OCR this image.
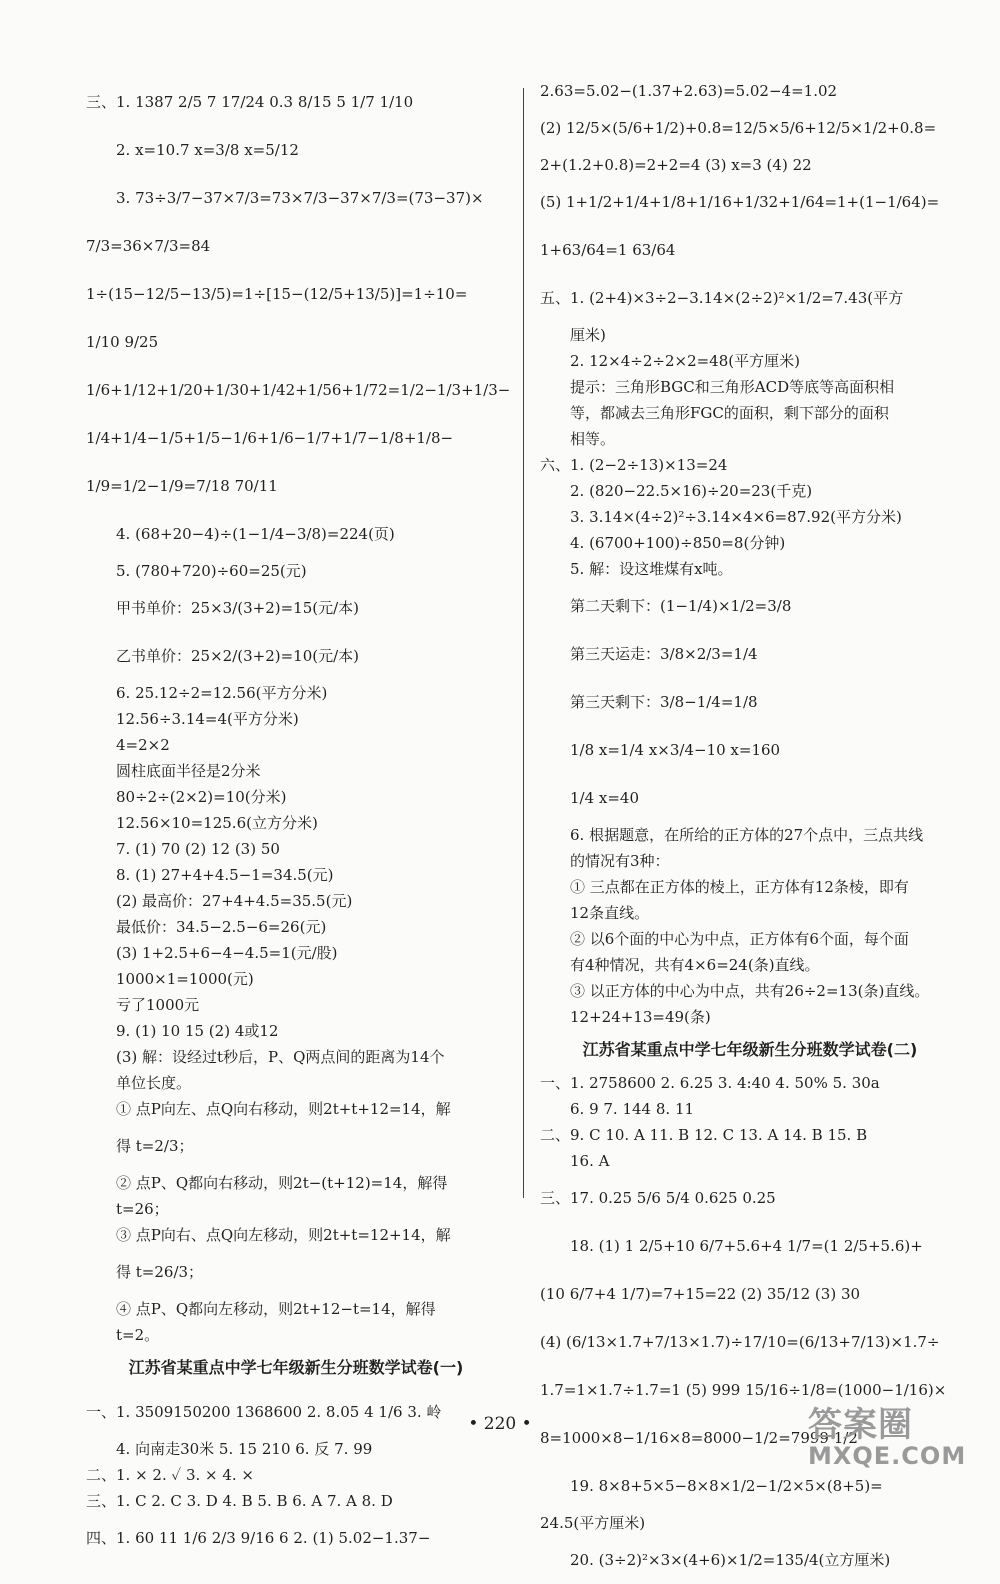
三、1. 1387 2/5 7 17/24 0.3 8/15 5 1/7 1/10
2. x=10.7 x=3/8 x=5/12
3. 73÷3/7−37×7/3=73×7/3−37×7/3=(73−37)×
7/3=36×7/3=84
1÷(15−12/5−13/5)=1÷[15−(12/5+13/5)]=1÷10=
1/10 9/25
1/6+1/12+1/20+1/30+1/42+1/56+1/72=1/2−1/3+1/3−
1/4+1/4−1/5+1/5−1/6+1/6−1/7+1/7−1/8+1/8−
1/9=1/2−1/9=7/18 70/11
4. (68+20−4)÷(1−1/4−3/8)=224(页)
5. (780+720)÷60=25(元)
甲书单价：25×3/(3+2)=15(元/本)
乙书单价：25×2/(3+2)=10(元/本)
6. 25.12÷2=12.56(平方分米)
12.56÷3.14=4(平方分米)
4=2×2
圆柱底面半径是2分米
80÷2÷(2×2)=10(分米)
12.56×10=125.6(立方分米)
7. (1) 70 (2) 12 (3) 50
8. (1) 27+4+4.5−1=34.5(元)
(2) 最高价：27+4+4.5=35.5(元)
最低价：34.5−2.5−6=26(元)
(3) 1+2.5+6−4−4.5=1(元/股)
1000×1=1000(元)
亏了1000元
9. (1) 10 15 (2) 4或12
(3) 解：设经过t秒后，P、Q两点间的距离为14个
单位长度。
① 点P向左、点Q向右移动，则2t+t+12=14，解
得 t=2/3；
② 点P、Q都向右移动，则2t−(t+12)=14，解得
t=26；
③ 点P向右、点Q向左移动，则2t+t=12+14，解
得 t=26/3；
④ 点P、Q都向左移动，则2t+12−t=14，解得
t=2。
江苏省某重点中学七年级新生分班数学试卷(一)
一、1. 3509150200 1368600 2. 8.05 4 1/6 3. 岭
4. 向南走30米 5. 15 210 6. 反 7. 99
二、1. × 2. ✓ 3. × 4. ×
三、1. C 2. C 3. D 4. B 5. B 6. A 7. A 8. D
四、1. 60 11 1/6 2/3 9/16 6 2. (1) 5.02−1.37−
2.63=5.02−(1.37+2.63)=5.02−4=1.02
(2) 12/5×(5/6+1/2)+0.8=12/5×5/6+12/5×1/2+0.8=
2+(1.2+0.8)=2+2=4 (3) x=3 (4) 22
(5) 1+1/2+1/4+1/8+1/16+1/32+1/64=1+(1−1/64)=
1+63/64=1 63/64
五、1. (2+4)×3÷2−3.14×(2÷2)²×1/2=7.43(平方
厘米)
2. 12×4÷2÷2×2=48(平方厘米)
提示：三角形BGC和三角形ACD等底等高面积相
等，都减去三角形FGC的面积，剩下部分的面积
相等。
六、1. (2−2÷13)×13=24
2. (820−22.5×16)÷20=23(千克)
3. 3.14×(4÷2)²÷3.14×4×6=87.92(平方分米)
4. (6700+100)÷850=8(分钟)
5. 解：设这堆煤有x吨。
第二天剩下：(1−1/4)×1/2=3/8
第三天运走：3/8×2/3=1/4
第三天剩下：3/8−1/4=1/8
1/8 x=1/4 x×3/4−10 x=160
1/4 x=40
6. 根据题意，在所给的正方体的27个点中，三点共线
的情况有3种：
① 三点都在正方体的棱上，正方体有12条棱，即有
12条直线。
② 以6个面的中心为中点，正方体有6个面，每个面
有4种情况，共有4×6=24(条)直线。
③ 以正方体的中心为中点，共有26÷2=13(条)直线。
12+24+13=49(条)
江苏省某重点中学七年级新生分班数学试卷(二)
一、1. 2758600 2. 6.25 3. 4:40 4. 50% 5. 30a
6. 9 7. 144 8. 11
二、9. C 10. A 11. B 12. C 13. A 14. B 15. B
16. A
三、17. 0.25 5/6 5/4 0.625 0.25
18. (1) 1 2/5+10 6/7+5.6+4 1/7=(1 2/5+5.6)+
(10 6/7+4 1/7)=7+15=22 (2) 35/12 (3) 30
(4) (6/13×1.7+7/13×1.7)÷17/10=(6/13+7/13)×1.7÷
1.7=1×1.7÷1.7=1 (5) 999 15/16÷1/8=(1000−1/16)×
8=1000×8−1/16×8=8000−1/2=7999 1/2
19. 8×8+5×5−8×8×1/2−1/2×5×(8+5)=
24.5(平方厘米)
20. (3÷2)²×3×(4+6)×1/2=135/4(立方厘米)
• 220 •	答案圈
MXQE.COM
